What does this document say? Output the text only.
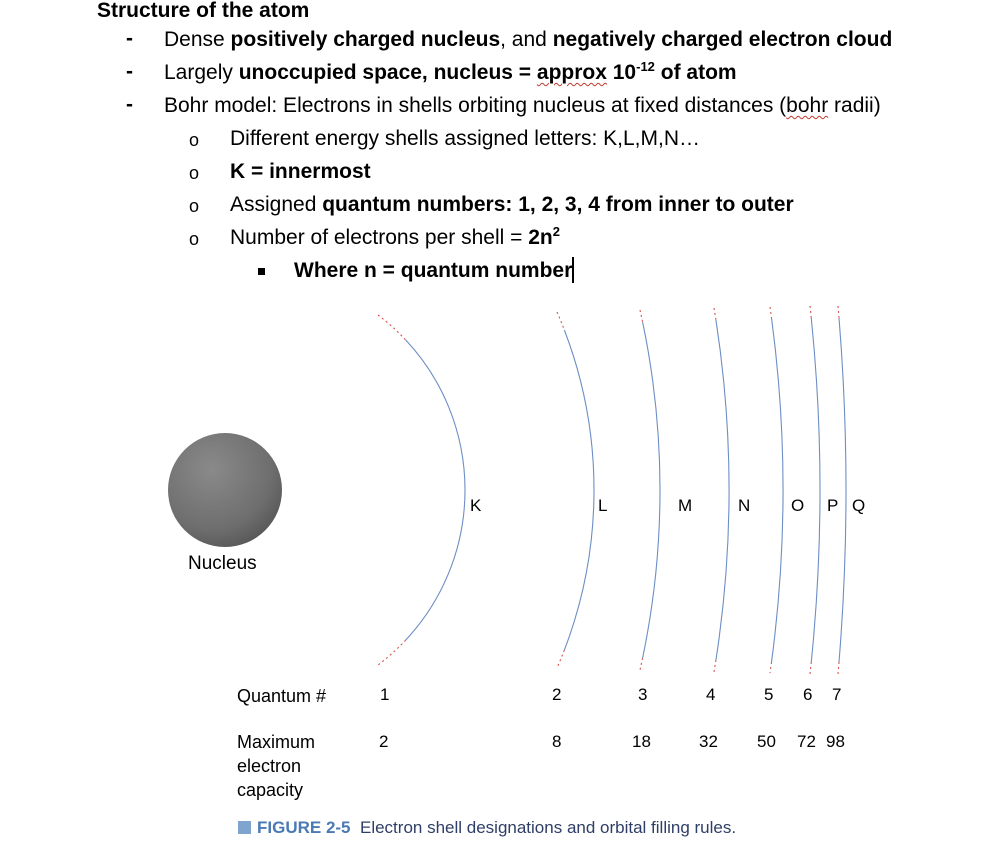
Structure of the atom
- Dense positively charged nucleus, and negatively charged electron cloud
- Largely unoccupied space, nucleus = approx $10^{-12}$ of atom
- Bohr model: Electrons in shells orbiting nucleus at fixed distances (bohr radii)
o Different energy shells assigned letters: K,L,M,N…
o K = innermost
o Assigned quantum numbers: 1, 2, 3, 4 from inner to outer
o Number of electrons per shell = $2n^2$
Where n = quantum number
Nucleus
K	L	M	N O P Q
Quantum #	1	2	3	4	5 6 7
Maximum
electron
capacity
2	8	18	32 50 72 98
FIGURE 2-5 Electron shell designations and orbital filling rules.
